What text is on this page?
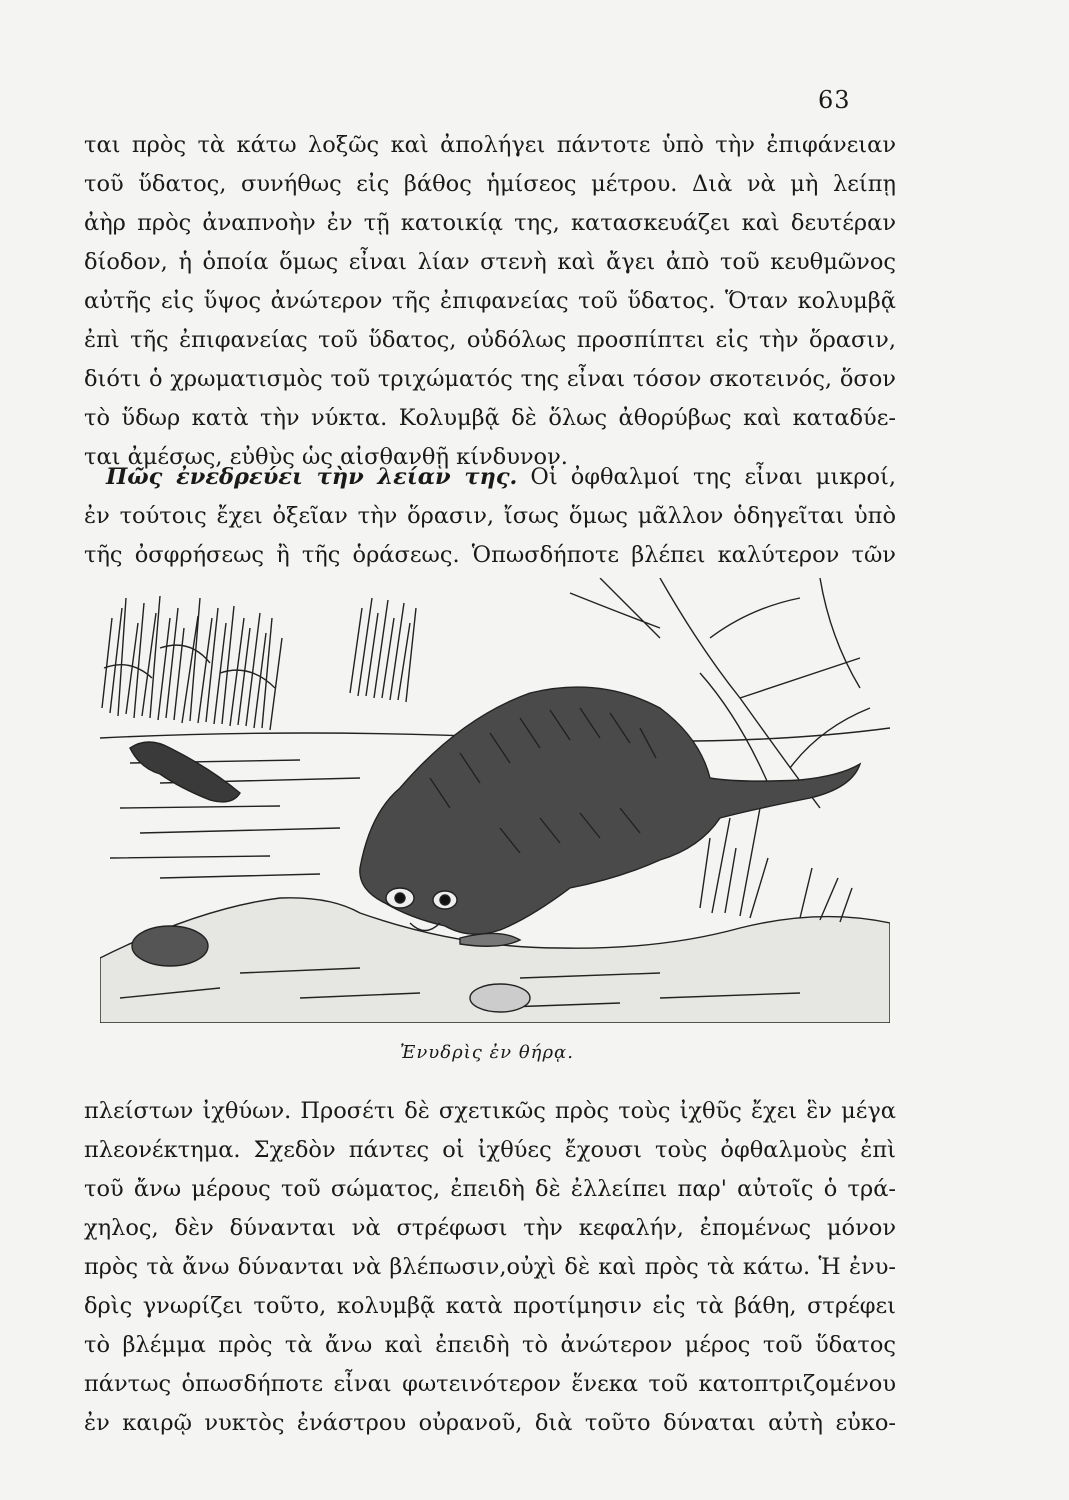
63
ται πρὸς τὰ κάτω λοξῶς καὶ ἀπολήγει πάντοτε ὑπὸ τὴν ἐπιφάνειαν
τοῦ ὕδατος, συνήθως εἰς βάθος ἡμίσεος μέτρου. Διὰ νὰ μὴ λείπῃ
ἀὴρ πρὸς ἀναπνοὴν ἐν τῇ κατοικίᾳ της, κατασκευάζει καὶ δευτέραν
δίοδον, ἡ ὁποία ὅμως εἶναι λίαν στενὴ καὶ ἄγει ἀπὸ τοῦ κευθμῶνος
αὐτῆς εἰς ὕψος ἀνώτερον τῆς ἐπιφανείας τοῦ ὕδατος. Ὅταν κολυμβᾷ
ἐπὶ τῆς ἐπιφανείας τοῦ ὕδατος, οὐδόλως προσπίπτει εἰς τὴν ὅρασιν,
διότι ὁ χρωματισμὸς τοῦ τριχώματός της εἶναι τόσον σκοτεινός, ὅσον
τὸ ὕδωρ κατὰ τὴν νύκτα. Κολυμβᾷ δὲ ὅλως ἀθορύβως καὶ καταδύε-
ται ἀμέσως, εὐθὺς ὡς αἰσθανθῇ κίνδυνον.
Πῶς ἐνεδρεύει τὴν λείαν της. Οἱ ὀφθαλμοί της εἶναι μικροί,
ἐν τούτοις ἔχει ὀξεῖαν τὴν ὅρασιν, ἴσως ὅμως μᾶλλον ὁδηγεῖται ὑπὸ
τῆς ὀσφρήσεως ἢ τῆς ὁράσεως. Ὁπωσδήποτε βλέπει καλύτερον τῶν
Ἐνυδρὶς ἐν θήρᾳ.
πλείστων ἰχθύων. Προσέτι δὲ σχετικῶς πρὸς τοὺς ἰχθῦς ἔχει ἓν μέγα
πλεονέκτημα. Σχεδὸν πάντες οἱ ἰχθύες ἔχουσι τοὺς ὀφθαλμοὺς ἐπὶ
τοῦ ἄνω μέρους τοῦ σώματος, ἐπειδὴ δὲ ἐλλείπει παρ' αὐτοῖς ὁ τρά-
χηλος, δὲν δύνανται νὰ στρέφωσι τὴν κεφαλήν, ἐπομένως μόνον
πρὸς τὰ ἄνω δύνανται νὰ βλέπωσιν,οὐχὶ δὲ καὶ πρὸς τὰ κάτω. Ἡ ἐνυ-
δρὶς γνωρίζει τοῦτο, κολυμβᾷ κατὰ προτίμησιν εἰς τὰ βάθη, στρέφει
τὸ βλέμμα πρὸς τὰ ἄνω καὶ ἐπειδὴ τὸ ἀνώτερον μέρος τοῦ ὕδατος
πάντως ὁπωσδήποτε εἶναι φωτεινότερον ἕνεκα τοῦ κατοπτριζομένου
ἐν καιρῷ νυκτὸς ἐνάστρου οὐρανοῦ, διὰ τοῦτο δύναται αὐτὴ εὐκο-
